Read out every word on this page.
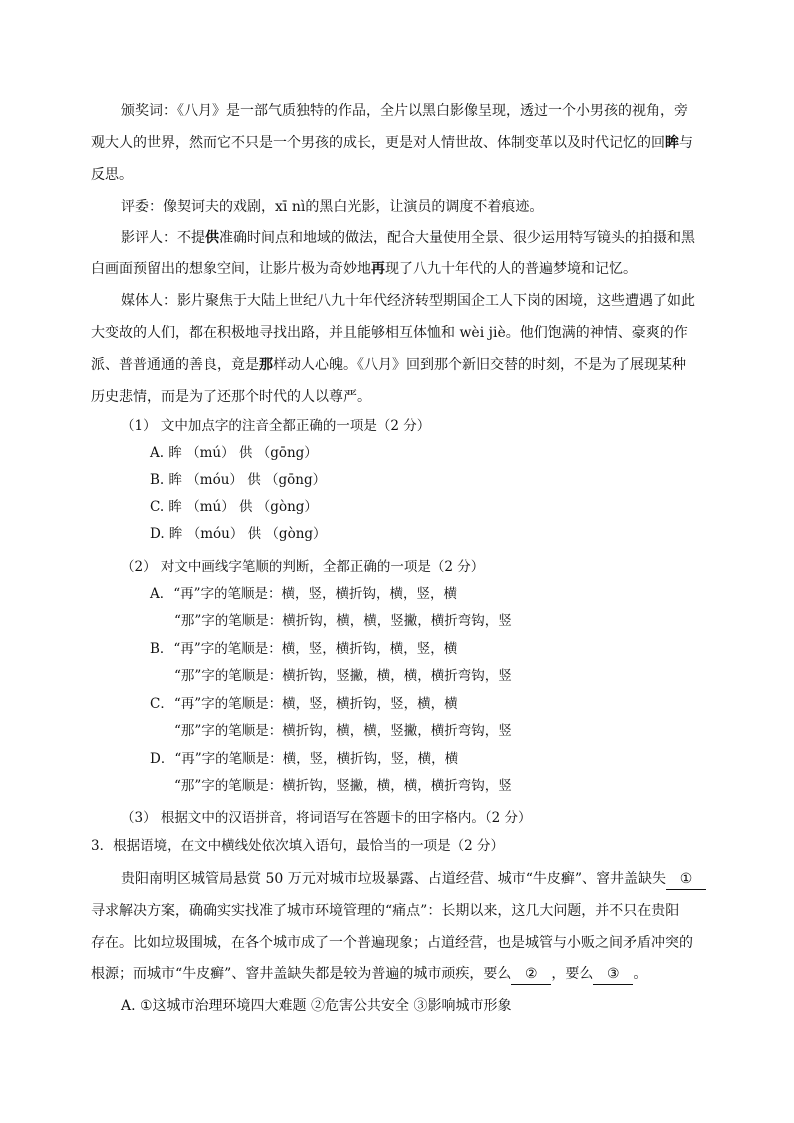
颁奖词：《八月》是一部气质独特的作品，全片以黑白影像呈现，透过一个小男孩的视角，旁
观大人的世界，然而它不只是一个男孩的成长，更是对人情世故、体制变革以及时代记忆的回眸与
反思。
评委：像契诃夫的戏剧，xī nì的黑白光影，让演员的调度不着痕迹。
影评人：不提供准确时间点和地域的做法，配合大量使用全景、很少运用特写镜头的拍摄和黑
白画面预留出的想象空间，让影片极为奇妙地再现了八九十年代的人的普遍梦境和记忆。
媒体人：影片聚焦于大陆上世纪八九十年代经济转型期国企工人下岗的困境，这些遭遇了如此
大变故的人们，都在积极地寻找出路，并且能够相互体恤和 wèi jiè。他们饱满的神情、豪爽的作
派、普普通通的善良，竟是那样动人心魄。《八月》回到那个新旧交替的时刻，不是为了展现某种
历史悲情，而是为了还那个时代的人以尊严。
（1） 文中加点字的注音全都正确的一项是（2 分）
A. 眸 （mú） 供 （gōng）
B. 眸 （móu） 供 （gōng）
C. 眸 （mú） 供 （gòng）
D. 眸 （móu） 供 （gòng）
（2） 对文中画线字笔顺的判断，全都正确的一项是（2 分）
A．“再”字的笔顺是：横，竖，横折钩，横，竖，横
“那”字的笔顺是：横折钩，横，横，竖撇，横折弯钩，竖
B．“再”字的笔顺是：横，竖，横折钩，横，竖，横
“那”字的笔顺是：横折钩，竖撇，横，横，横折弯钩，竖
C．“再”字的笔顺是：横，竖，横折钩，竖，横，横
“那”字的笔顺是：横折钩，横，横，竖撇，横折弯钩，竖
D．“再”字的笔顺是：横，竖，横折钩，竖，横，横
“那”字的笔顺是：横折钩，竖撇，横，横，横折弯钩，竖
（3） 根据文中的汉语拼音，将词语写在答题卡的田字格内。（2 分）
3．根据语境，在文中横线处依次填入语句，最恰当的一项是（2 分）
贵阳南明区城管局悬赏 50 万元对城市垃圾暴露、占道经营、城市“牛皮癣”、窨井盖缺失 ①
寻求解决方案，确确实实找准了城市环境管理的“痛点”：长期以来，这几大问题，并不只在贵阳
存在。比如垃圾围城，在各个城市成了一个普遍现象；占道经营，也是城管与小贩之间矛盾冲突的
根源；而城市“牛皮癣”、窨井盖缺失都是较为普遍的城市顽疾，要么 ② ，要么 ③ 。
A. ①这城市治理环境四大难题 ②危害公共安全 ③影响城市形象
